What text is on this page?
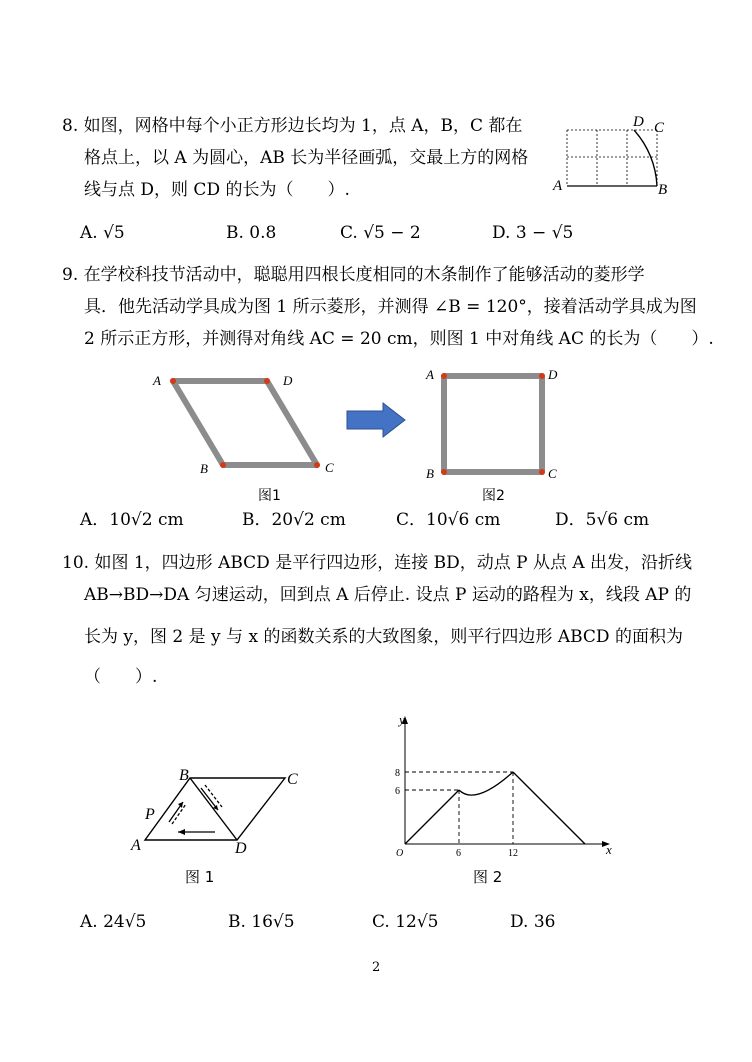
8. 如图，网格中每个小正方形边长均为 1，点 A，B，C 都在
格点上，以 A 为圆心，AB 长为半径画弧，交最上方的网格
线与点 D，则 CD 的长为（　　）.	A	B
C
D
A. √5	B. 0.8	C. √5 − 2	D. 3 − √5
9. 在学校科技节活动中，聪聪用四根长度相同的木条制作了能够活动的菱形学
具．他先活动学具成为图 1 所示菱形，并测得 ∠B = 120°，接着活动学具成为图
2 所示正方形，并测得对角线 AC = 20 cm，则图 1 中对角线 AC 的长为（　　）.
A	D
B	C
A	D
B	C
图1	图2
A．10√2 cm	B．20√2 cm	C．10√6 cm	D．5√6 cm
10. 如图 1，四边形 ABCD 是平行四边形，连接 BD，动点 P 从点 A 出发，沿折线
AB→BD→DA 匀速运动，回到点 A 后停止. 设点 P 运动的路程为 x，线段 AP 的
长为 y，图 2 是 y 与 x 的函数关系的大致图象，则平行四边形 ABCD 的面积为
（　　）.
A
B	C
D
P
图 1
y
x
O
8
6
6	12
图 2
A. 24√5	B. 16√5	C. 12√5	D. 36
2
